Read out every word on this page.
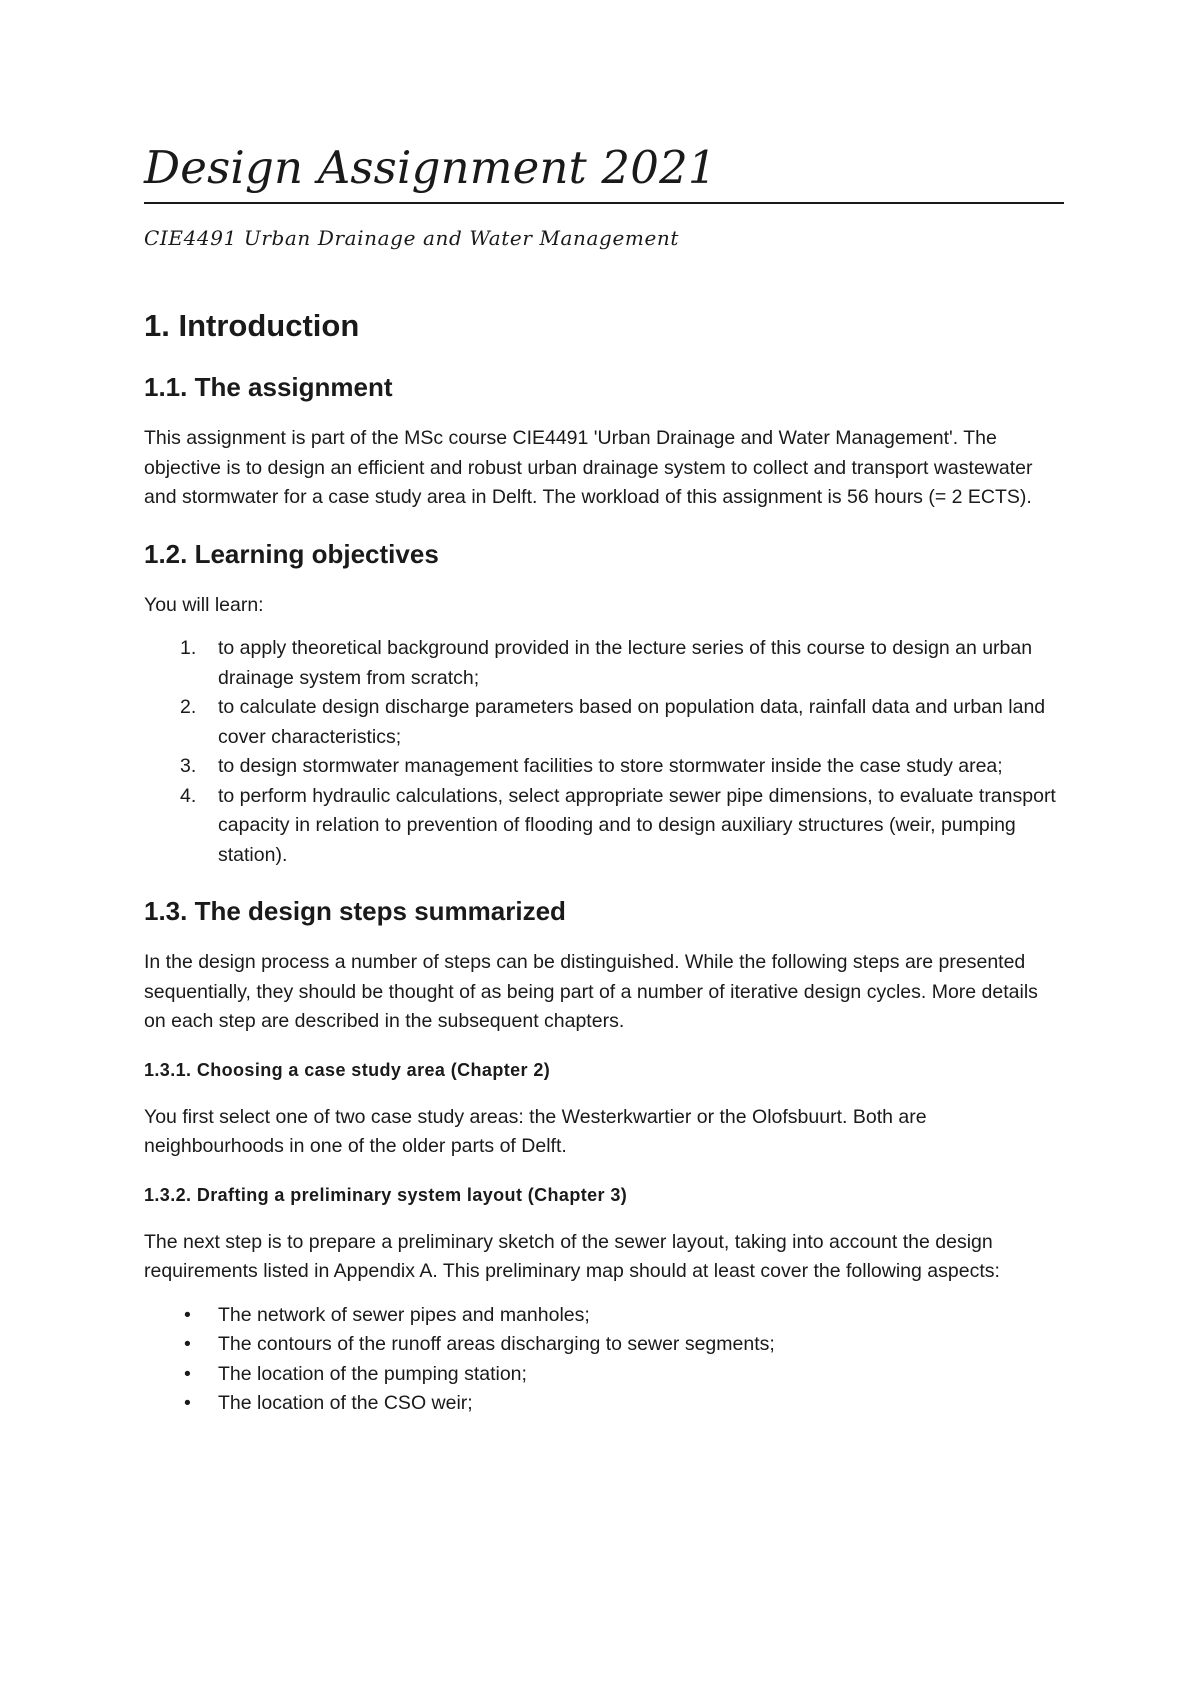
Design Assignment 2021
CIE4491 Urban Drainage and Water Management
1. Introduction
1.1. The assignment

This assignment is part of the MSc course CIE4491 'Urban Drainage and Water Management'. The objective is to design an efficient and robust urban drainage system to collect and transport wastewater and stormwater for a case study area in Delft. The workload of this assignment is 56 hours (= 2 ECTS).

1.2. Learning objectives

You will learn:

1. to apply theoretical background provided in the lecture series of this course to design an urban drainage system from scratch;
2. to calculate design discharge parameters based on population data, rainfall data and urban land cover characteristics;
3. to design stormwater management facilities to store stormwater inside the case study area;
4. to perform hydraulic calculations, select appropriate sewer pipe dimensions, to evaluate transport capacity in relation to prevention of flooding and to design auxiliary structures (weir, pumping station).
1.3. The design steps summarized

In the design process a number of steps can be distinguished. While the following steps are presented sequentially, they should be thought of as being part of a number of iterative design cycles. More details on each step are described in the subsequent chapters.

1.3.1. Choosing a case study area (Chapter 2)

You first select one of two case study areas: the Westerkwartier or the Olofsbuurt. Both are neighbourhoods in one of the older parts of Delft.

1.3.2. Drafting a preliminary system layout (Chapter 3)

The next step is to prepare a preliminary sketch of the sewer layout, taking into account the design requirements listed in Appendix A. This preliminary map should at least cover the following aspects:

• The network of sewer pipes and manholes;
• The contours of the runoff areas discharging to sewer segments;
• The location of the pumping station;
• The location of the CSO weir;
